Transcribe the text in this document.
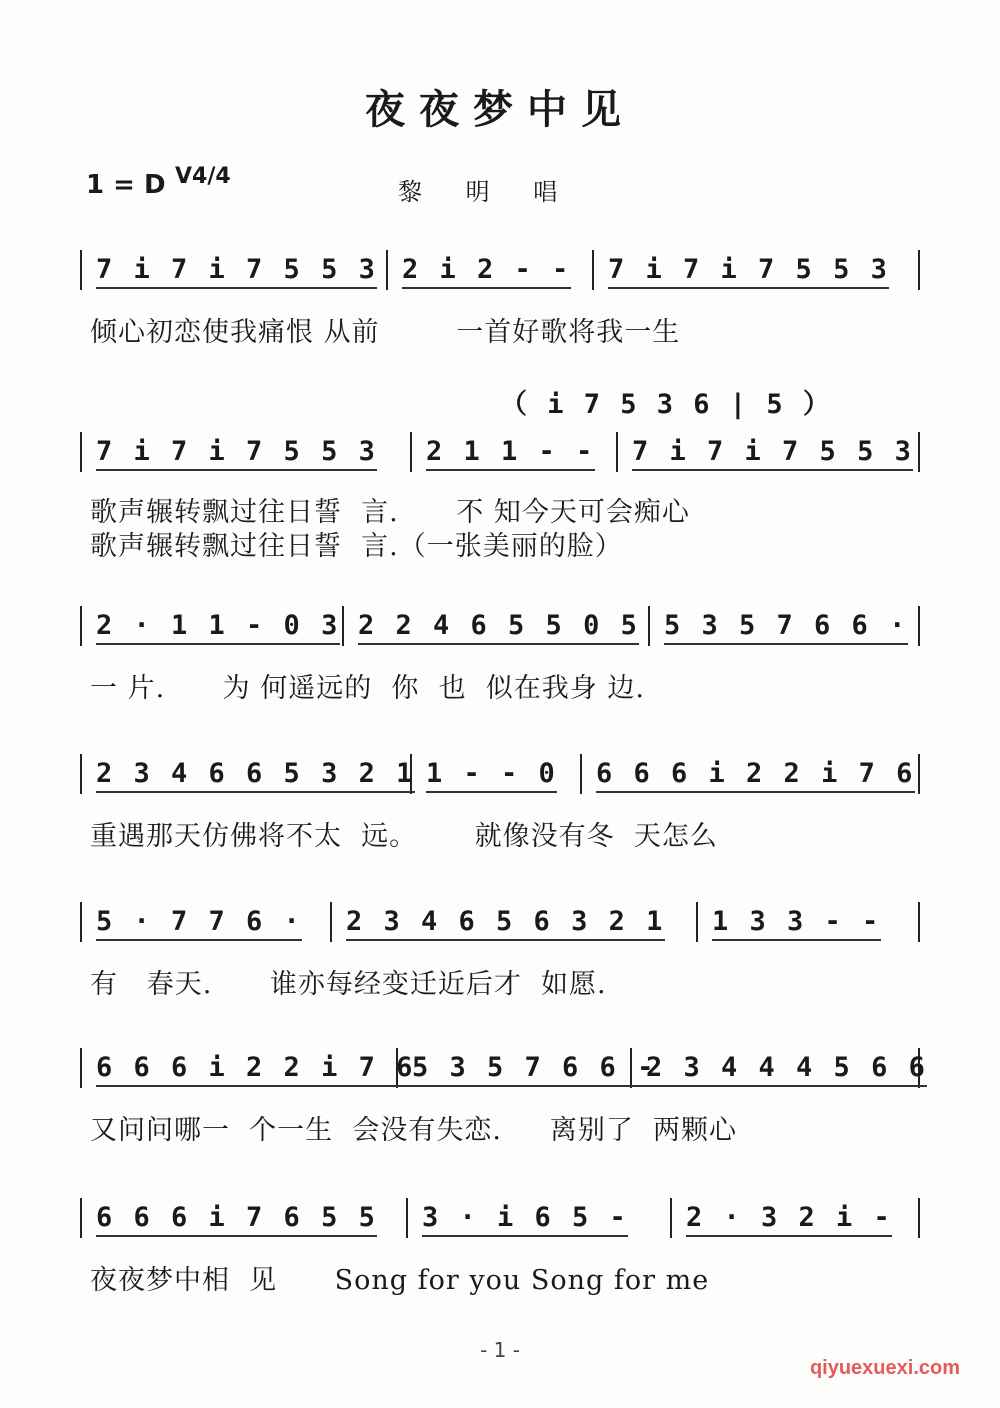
夜夜梦中见
1 = D V4/4
黎 明 唱
（ i 7 5 3 6 | 5 ）
7 i 7 i 7 5 5 3 2 i 2 - - 7 i 7 i 7 5 5 3
倾心初恋使我痛恨 从前        一首好歌将我一生
7 i 7 i 7 5 5 3 2 1 1 - - 7 i 7 i 7 5 5 3
歌声辗转飘过往日誓  言.      不 知今天可会痴心
歌声辗转飘过往日誓  言.（一张美丽的脸）
2 · 1 1 - 0 3 2 2 4 6 5 5 0 5 5 3 5 7 6 6 ·
一 片.      为 何遥远的  你  也  似在我身 边.
2 3 4 6 6 5 3 2 1 1 - - 0 6 6 6 i 2 2 i 7 6
重遇那天仿佛将不太  远。      就像没有冬  天怎么
5 · 7 7 6 · 2 3 4 6 5 6 3 2 1 1 3 3 - -
有   春天.      谁亦每经变迁近后才  如愿.
6 6 6 i 2 2 i 7 6
5 3 5 7 6 6 -
2 3 4 4 4 5 6 6
又问问哪一  个一生  会没有失恋.     离别了  两颗心
6 6 6 i 7 6 5 5 3 · i 6 5 - 2 · 3 2 i -
夜夜梦中相  见      Song for you Song for me
- 1 -
qiyuexuexi.com
